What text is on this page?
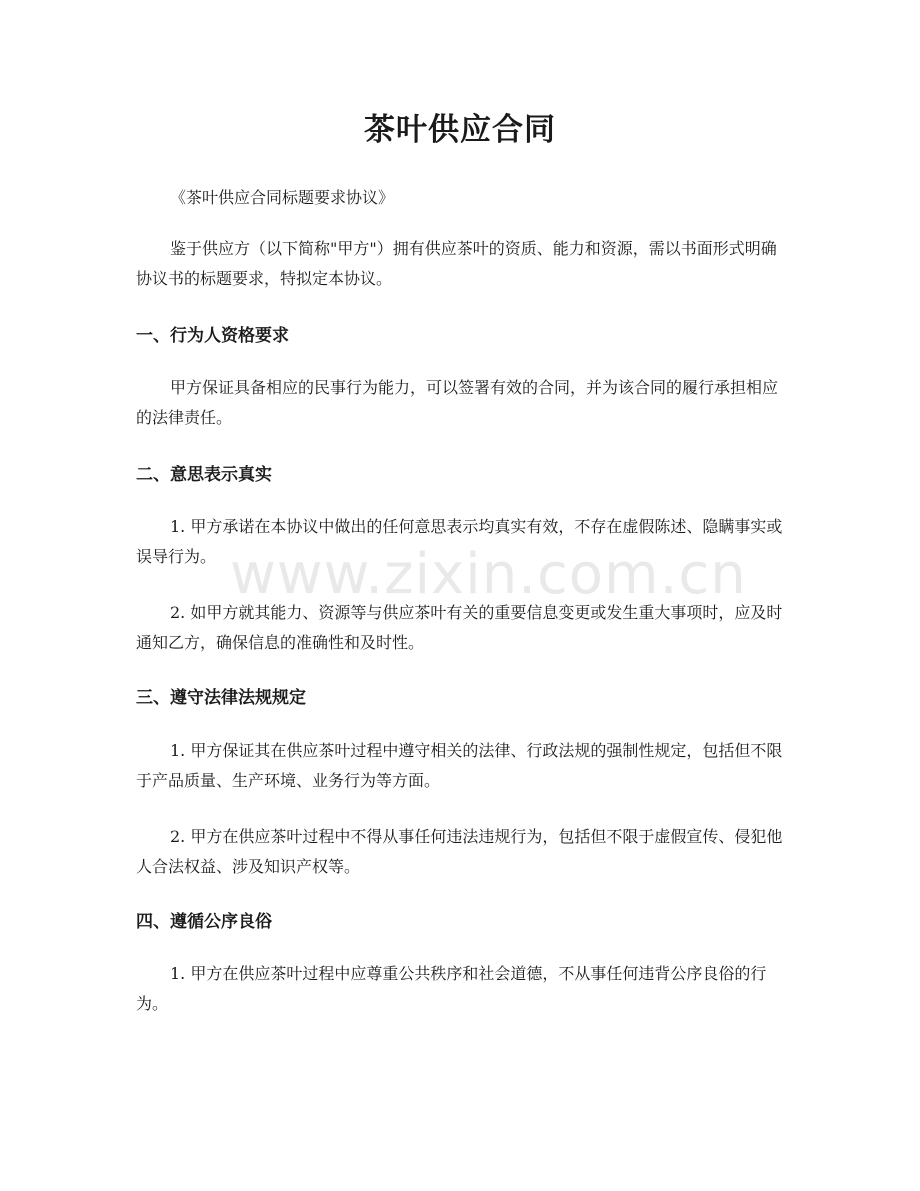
茶叶供应合同

《茶叶供应合同标题要求协议》

鉴于供应方（以下简称"甲方"）拥有供应茶叶的资质、能力和资源，需以书面形式明确协议书的标题要求，特拟定本协议。

一、行为人资格要求

甲方保证具备相应的民事行为能力，可以签署有效的合同，并为该合同的履行承担相应的法律责任。

二、意思表示真实

1. 甲方承诺在本协议中做出的任何意思表示均真实有效，不存在虚假陈述、隐瞒事实或误导行为。

2. 如甲方就其能力、资源等与供应茶叶有关的重要信息变更或发生重大事项时，应及时通知乙方，确保信息的准确性和及时性。

三、遵守法律法规规定

1. 甲方保证其在供应茶叶过程中遵守相关的法律、行政法规的强制性规定，包括但不限于产品质量、生产环境、业务行为等方面。

2. 甲方在供应茶叶过程中不得从事任何违法违规行为，包括但不限于虚假宣传、侵犯他人合法权益、涉及知识产权等。

四、遵循公序良俗

1. 甲方在供应茶叶过程中应尊重公共秩序和社会道德，不从事任何违背公序良俗的行为。

www.zixin.com.cn
